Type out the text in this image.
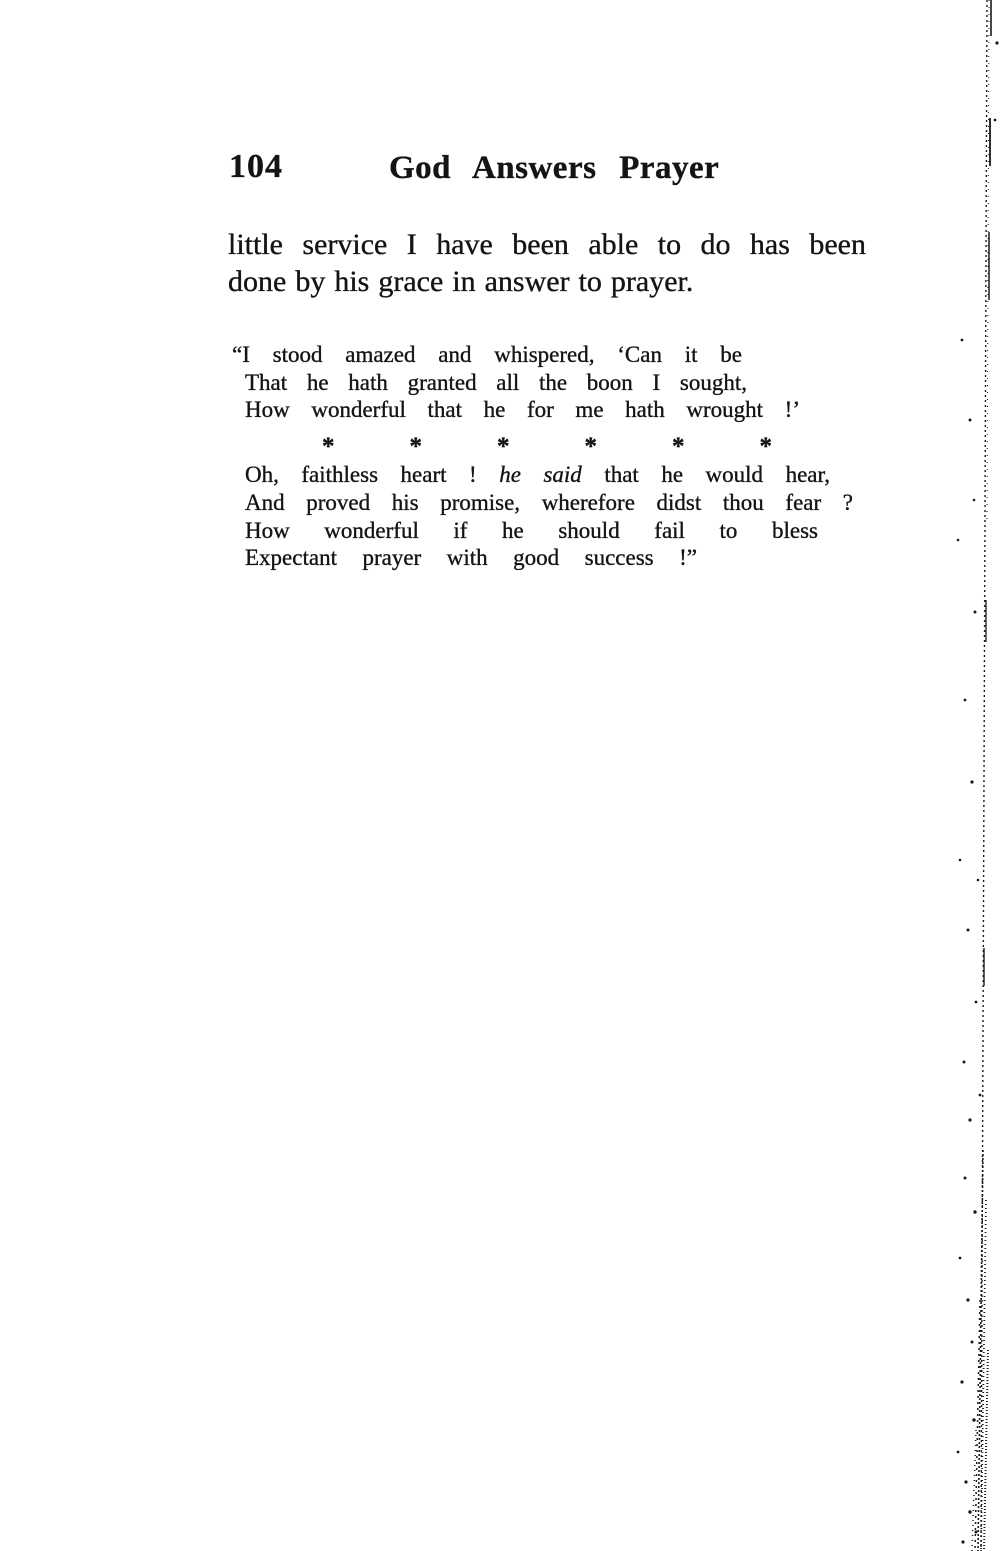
104	God Answers Prayer
little service I have been able to do has been
done by his grace in answer to prayer.
“I stood amazed and whispered, ‘Can it be
That he hath granted all the boon I sought,
How wonderful that he for me hath wrought !’
*	*	*	*	*	*
Oh, faithless heart ! he said that he would hear,
And proved his promise, wherefore didst thou fear ?
How wonderful if he should fail to bless
Expectant prayer with good success !”
